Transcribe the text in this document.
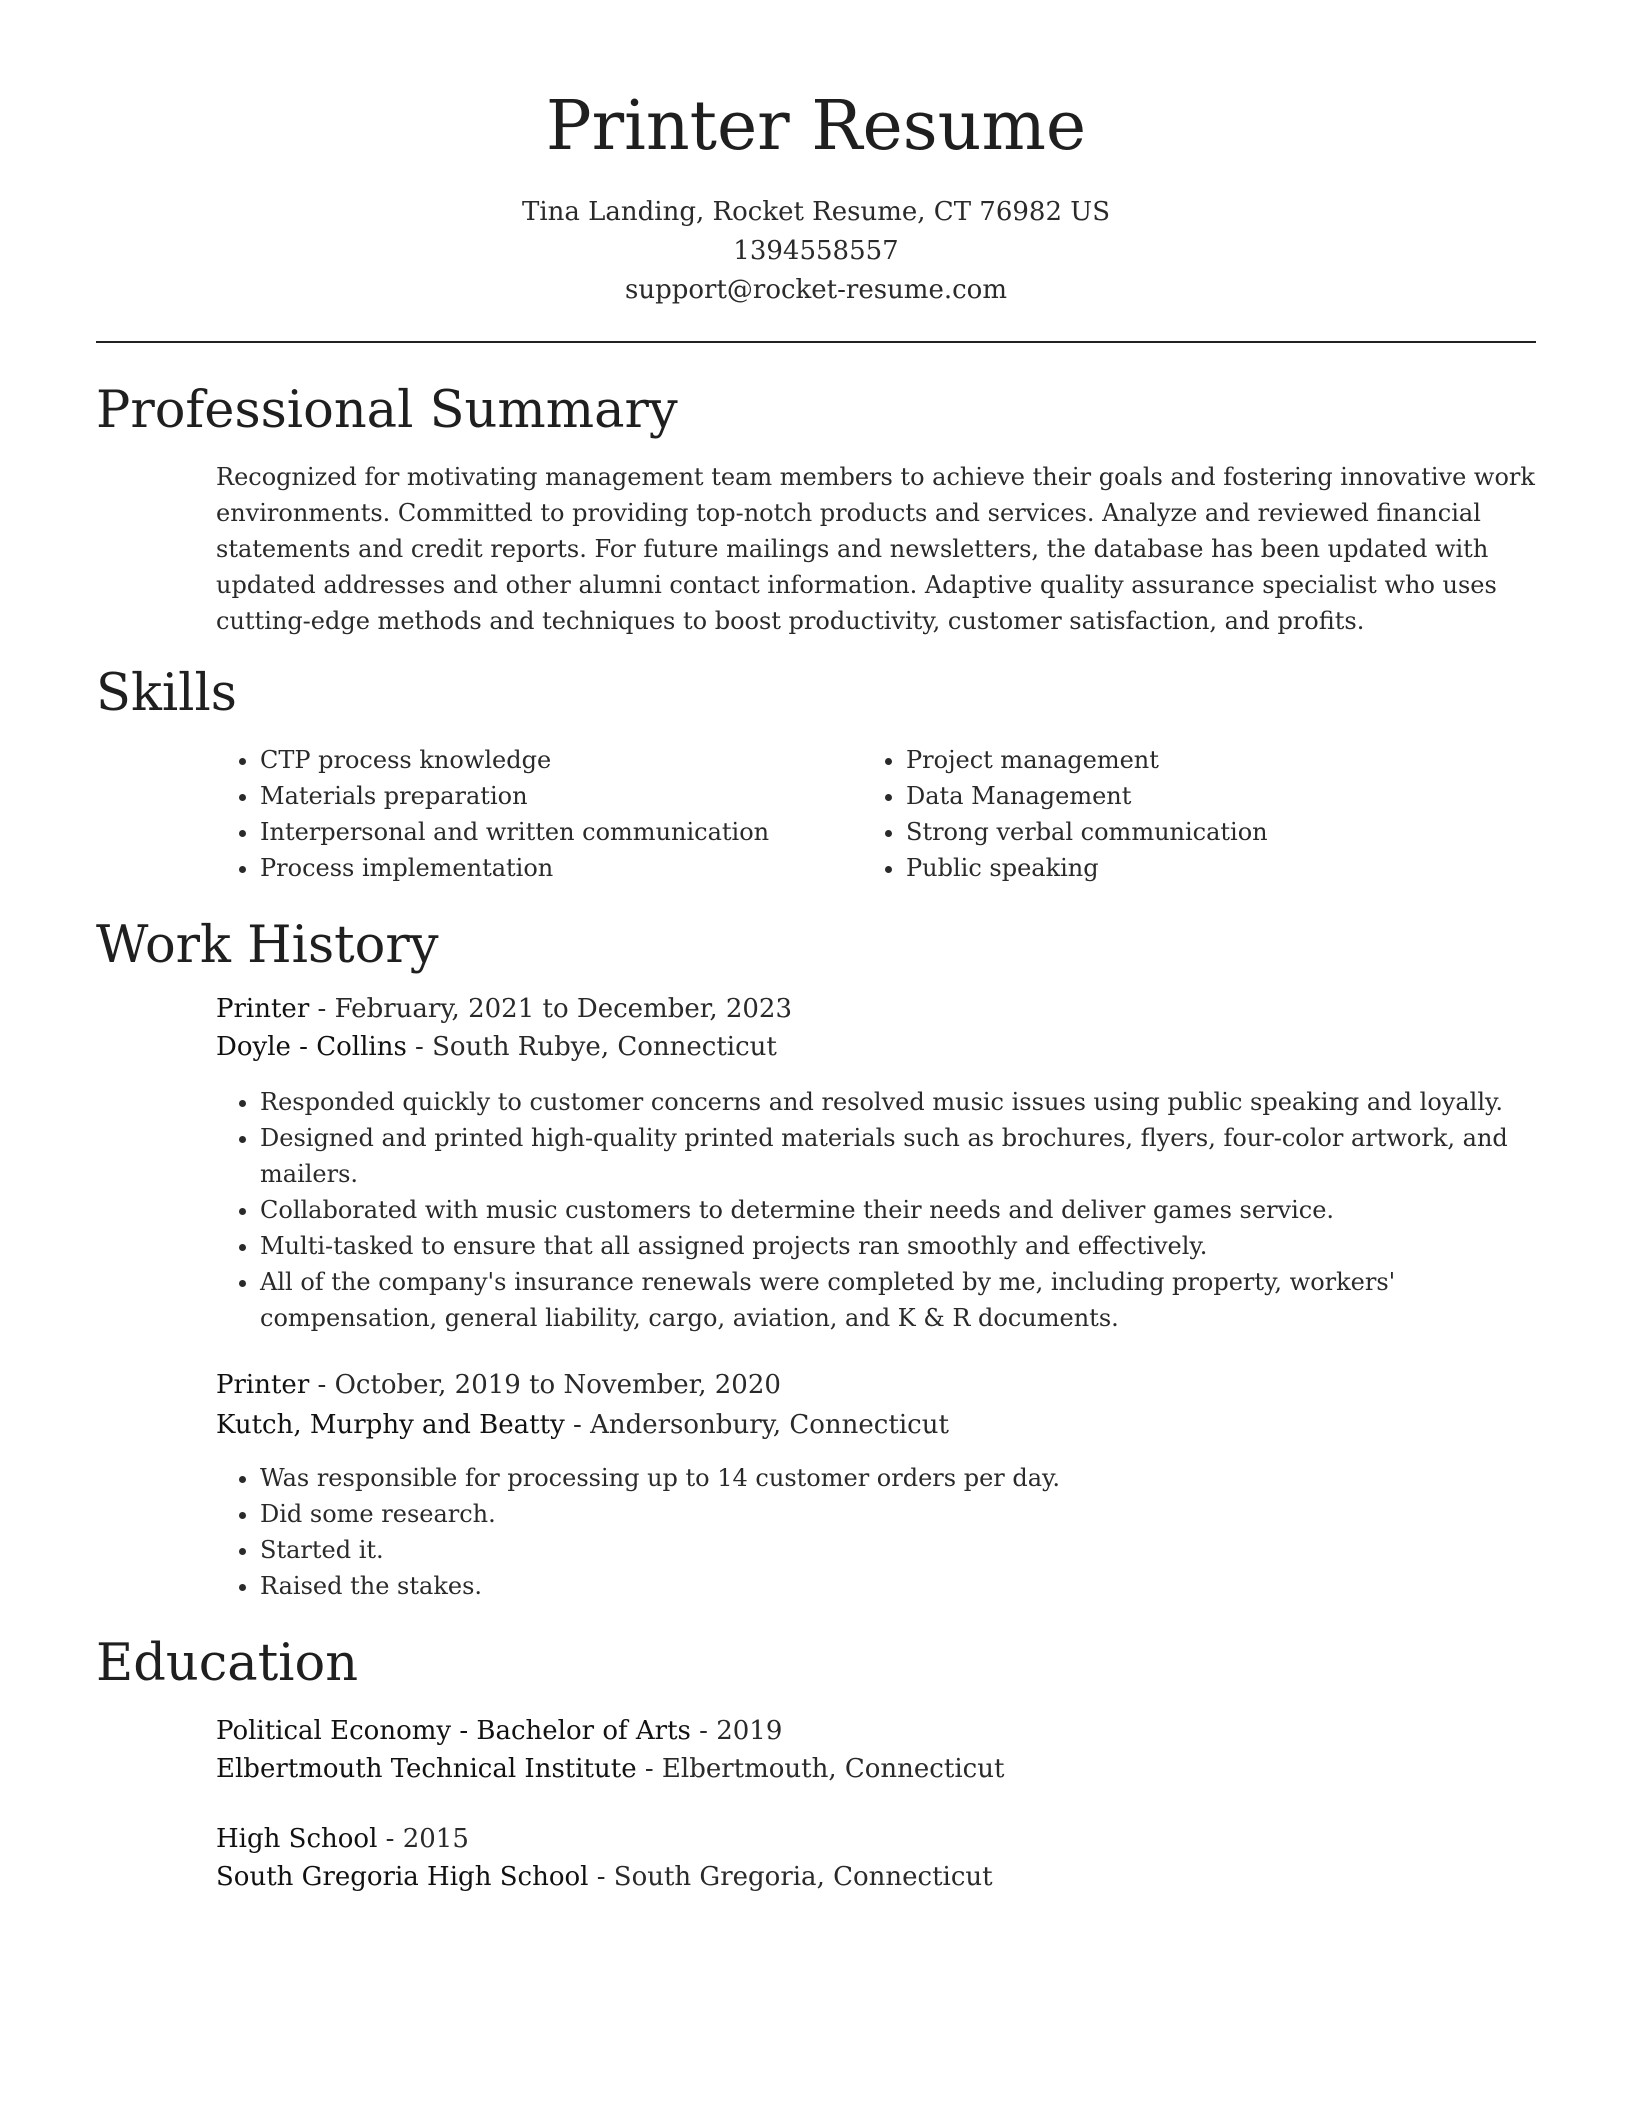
Printer Resume
Tina Landing, Rocket Resume, CT 76982 US
1394558557
support@rocket-resume.com
Professional Summary
Recognized for motivating management team members to achieve their goals and fostering innovative work
environments. Committed to providing top-notch products and services. Analyze and reviewed financial
statements and credit reports. For future mailings and newsletters, the database has been updated with
updated addresses and other alumni contact information. Adaptive quality assurance specialist who uses
cutting-edge methods and techniques to boost productivity, customer satisfaction, and profits.
Skills
• CTP process knowledge
• Materials preparation
• Interpersonal and written communication
• Process implementation
• Project management
• Data Management
• Strong verbal communication
• Public speaking
Work History
Printer - February, 2021 to December, 2023
Doyle - Collins - South Rubye, Connecticut
• Responded quickly to customer concerns and resolved music issues using public speaking and loyally.
• Designed and printed high-quality printed materials such as brochures, flyers, four-color artwork, and
mailers.
• Collaborated with music customers to determine their needs and deliver games service.
• Multi-tasked to ensure that all assigned projects ran smoothly and effectively.
• All of the company's insurance renewals were completed by me, including property, workers'
compensation, general liability, cargo, aviation, and K & R documents.
Printer - October, 2019 to November, 2020
Kutch, Murphy and Beatty - Andersonbury, Connecticut
• Was responsible for processing up to 14 customer orders per day.
• Did some research.
• Started it.
• Raised the stakes.
Education
Political Economy - Bachelor of Arts - 2019
Elbertmouth Technical Institute - Elbertmouth, Connecticut
High School - 2015
South Gregoria High School - South Gregoria, Connecticut
